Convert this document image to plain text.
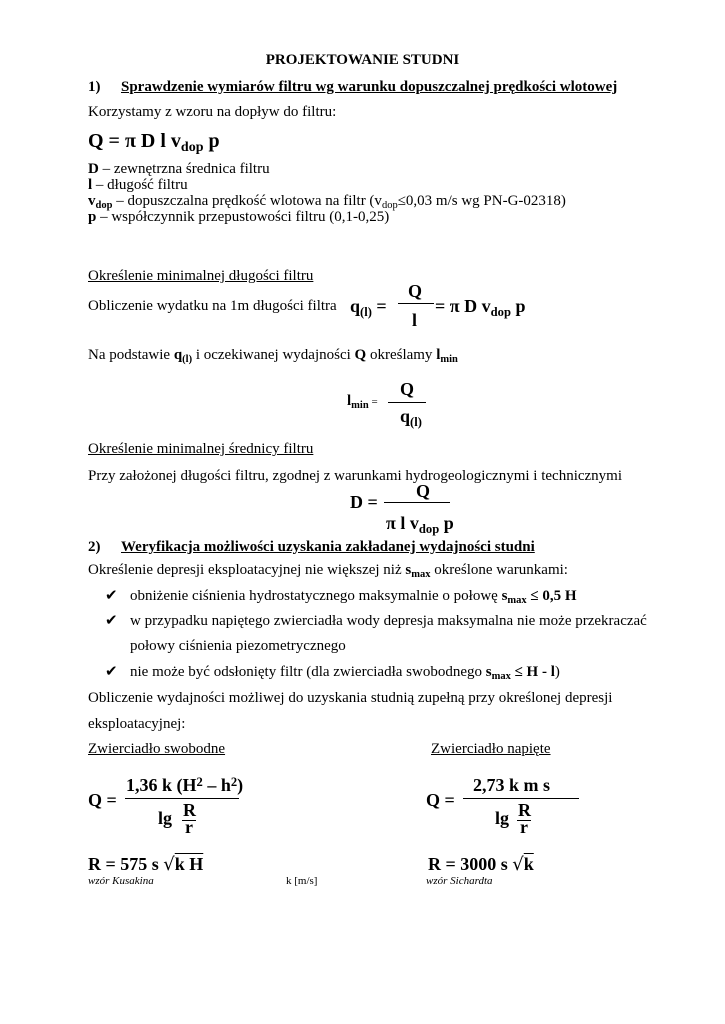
PROJEKTOWANIE STUDNI
1) Sprawdzenie wymiarów filtru wg warunku dopuszczalnej prędkości wlotowej
Korzystamy z wzoru na dopływ do filtru:
Q = π D l $v_{dop}$ p
D – zewnętrzna średnica filtru
l – długość filtru
$v_{dop}$ – dopuszczalna prędkość wlotowa na filtr ($v_{dop}\le 0,03$ m/s wg PN-G-02318)
p – współczynnik przepustowości filtru (0,1-0,25)
Określenie minimalnej długości filtru
Obliczenie wydatku na 1m długości filtra $q_{(l)}$ =
Q
l
= π D $v_{dop}$ p
Na podstawie $q_{(l)}$ i oczekiwanej wydajności Q określamy $l_{min}$
$l_{min}$ =
Q
$q_{(l)}$
Określenie minimalnej średnicy filtru
Przy założonej długości filtru, zgodnej z warunkami hydrogeologicznymi i technicznymi
D =
Q
π l $v_{dop}$ p
2) Weryfikacja możliwości uzyskania zakładanej wydajności studni
Określenie depresji eksploatacyjnej nie większej niż $s_{max}$ określone warunkami:
✔ obniżenie ciśnienia hydrostatycznego maksymalnie o połowę $s_{max} \le 0,5$ H
✔ w przypadku napiętego zwierciadła wody depresja maksymalna nie może przekraczać
połowy ciśnienia piezometrycznego
✔ nie może być odsłonięty filtr (dla zwierciadła swobodnego $s_{max} \le H - l$)
Obliczenie wydajności możliwej do uzyskania studnią zupełną przy określonej depresji
eksploatacyjnej:
Zwierciadło swobodne
Q =
1,36 k $(H^2 - h^2)$
lg R
r
R = 575 s √k H
wzór Kusakina
Zwierciadło napięte
Q =
2,73 k m s
lg R
r
R = 3000 s √k
wzór Sichardta
k [m/s]
